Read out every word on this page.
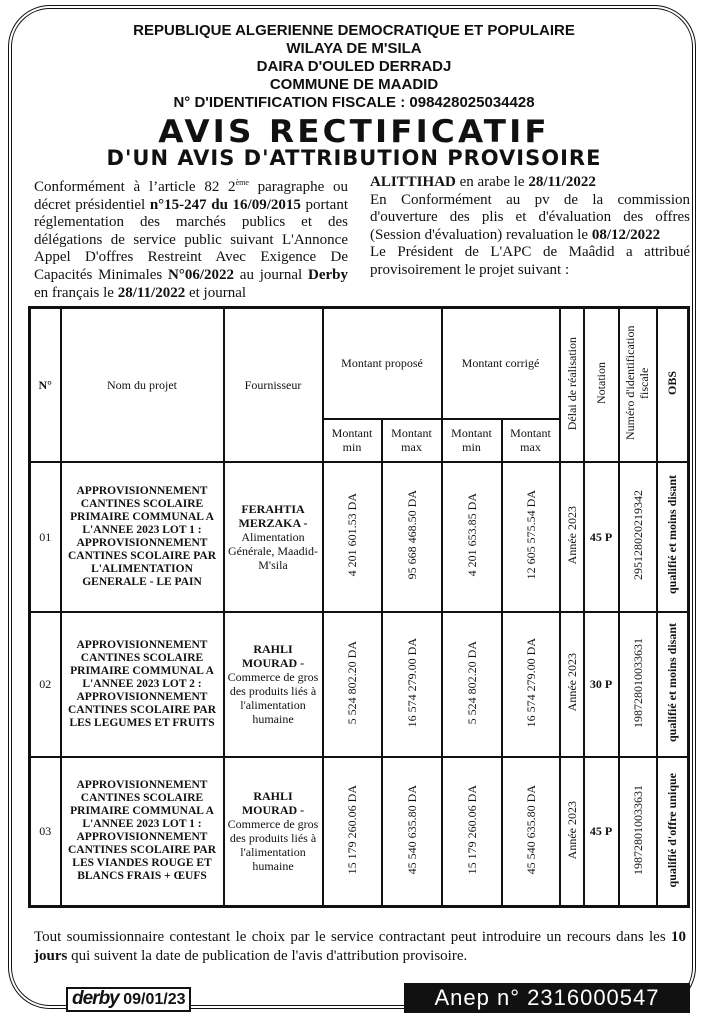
REPUBLIQUE ALGERIENNE DEMOCRATIQUE ET POPULAIRE
WILAYA DE M'SILA
DAIRA D'OULED DERRADJ
COMMUNE DE MAADID
N° D'IDENTIFICATION FISCALE : 098428025034428
AVIS RECTIFICATIF
D'UN AVIS D'ATTRIBUTION PROVISOIRE
Conformément à l’article 82 2ème paragraphe ou décret présidentiel n°15-247 du 16/09/2015 portant réglementation des marchés publics et des délégations de service public suivant L'Annonce Appel D'offres Restreint Avec Exigence De Capacités Minimales N°06/2022 au journal Derby en français le 28/11/2022 et journal
ALITTIHAD en arabe le 28/11/2022
En Conformément au pv de la commission d'ouverture des plis et d'évaluation des offres (Session d'évaluation) revaluation le 08/12/2022
Le Président de L'APC de Maâdid a attribué provisoirement le projet suivant :
N°	Nom du projet	Fournisseur	Montant proposé		Montant corrigé		Délai de réalisation	Notation	Numéro d'identification fiscale	OBS
			Montant min	Montant max	Montant min	Montant max				
01	APPROVISIONNEMENT CANTINES SCOLAIRE PRIMAIRE COMMUNAL A L'ANNEE 2023 LOT 1 : APPROVISIONNEMENT CANTINES SCOLAIRE PAR L'ALIMENTATION GENERALE - LE PAIN	FERAHTIA MERZAKA -
Alimentation Générale, Maadid- M'sila	4 201 601.53 DA	95 668 468.50 DA	4 201 653.85 DA	12 605 575.54 DA	Année 2023	45 P	295128020219342	qualifié et moins disant
02	APPROVISIONNEMENT CANTINES SCOLAIRE PRIMAIRE COMMUNAL A L'ANNEE 2023 LOT 2 : APPROVISIONNEMENT CANTINES SCOLAIRE PAR LES LEGUMES ET FRUITS	RAHLI MOURAD -
Commerce de gros des produits liés à l'alimentation humaine	5 524 802.20 DA	16 574 279.00 DA	5 524 802.20 DA	16 574 279.00 DA	Année 2023	30 P	198728010033631	qualifié et moins disant
03	APPROVISIONNEMENT CANTINES SCOLAIRE PRIMAIRE COMMUNAL A L'ANNEE 2023 LOT 1 : APPROVISIONNEMENT CANTINES SCOLAIRE PAR LES VIANDES ROUGE ET BLANCS FRAIS + ŒUFS	RAHLI MOURAD -
Commerce de gros des produits liés à l'alimentation humaine	15 179 260.06 DA	45 540 635.80 DA	15 179 260.06 DA	45 540 635.80 DA	Année 2023	45 P	198728010033631	qualifié d'offre unique
Tout soumissionnaire contestant le choix par le service contractant peut introduire un recours dans les 10 jours qui suivent la date de publication de l'avis d'attribution provisoire.
derby 09/01/23	Anep n° 2316000547
